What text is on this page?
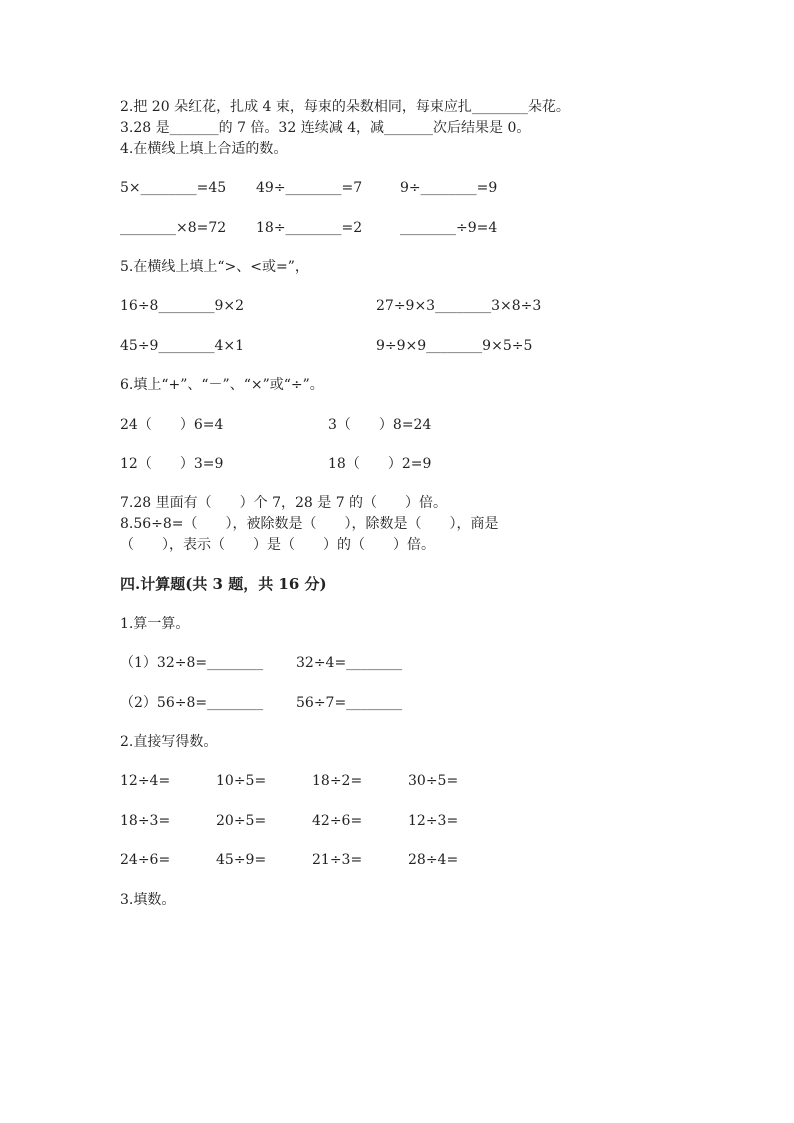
2.把 20 朵红花，扎成 4 束，每束的朵数相同，每束应扎________朵花。
3.28 是_______的 7 倍。32 连续减 4，减_______次后结果是 0。
4.在横线上填上合适的数。
5×________=45 49÷________=7	9÷________=9
________×8=72 18÷________=2	________÷9=4
5.在横线上填上“>、<或=”，
16÷8________9×2	27÷9×3________3×8÷3
45÷9________4×1	9÷9×9________9×5÷5
6.填上“+”、“－”、“×”或“÷”。
24（　　）6=4	3（　　）8=24
12（　　）3=9	18（　　）2=9
7.28 里面有（　　）个 7，28 是 7 的（　　）倍。
8.56÷8=（　　），被除数是（　　），除数是（　　），商是
（　　），表示（　　）是（　　）的（　　）倍。
四.计算题(共 3 题，共 16 分)
1.算一算。
（1）32÷8=________ 32÷4=________
（2）56÷8=________ 56÷7=________
2.直接写得数。
12÷4=	10÷5=	18÷2=	30÷5=
18÷3=	20÷5=	42÷6=	12÷3=
24÷6=	45÷9=	21÷3=	28÷4=
3.填数。
